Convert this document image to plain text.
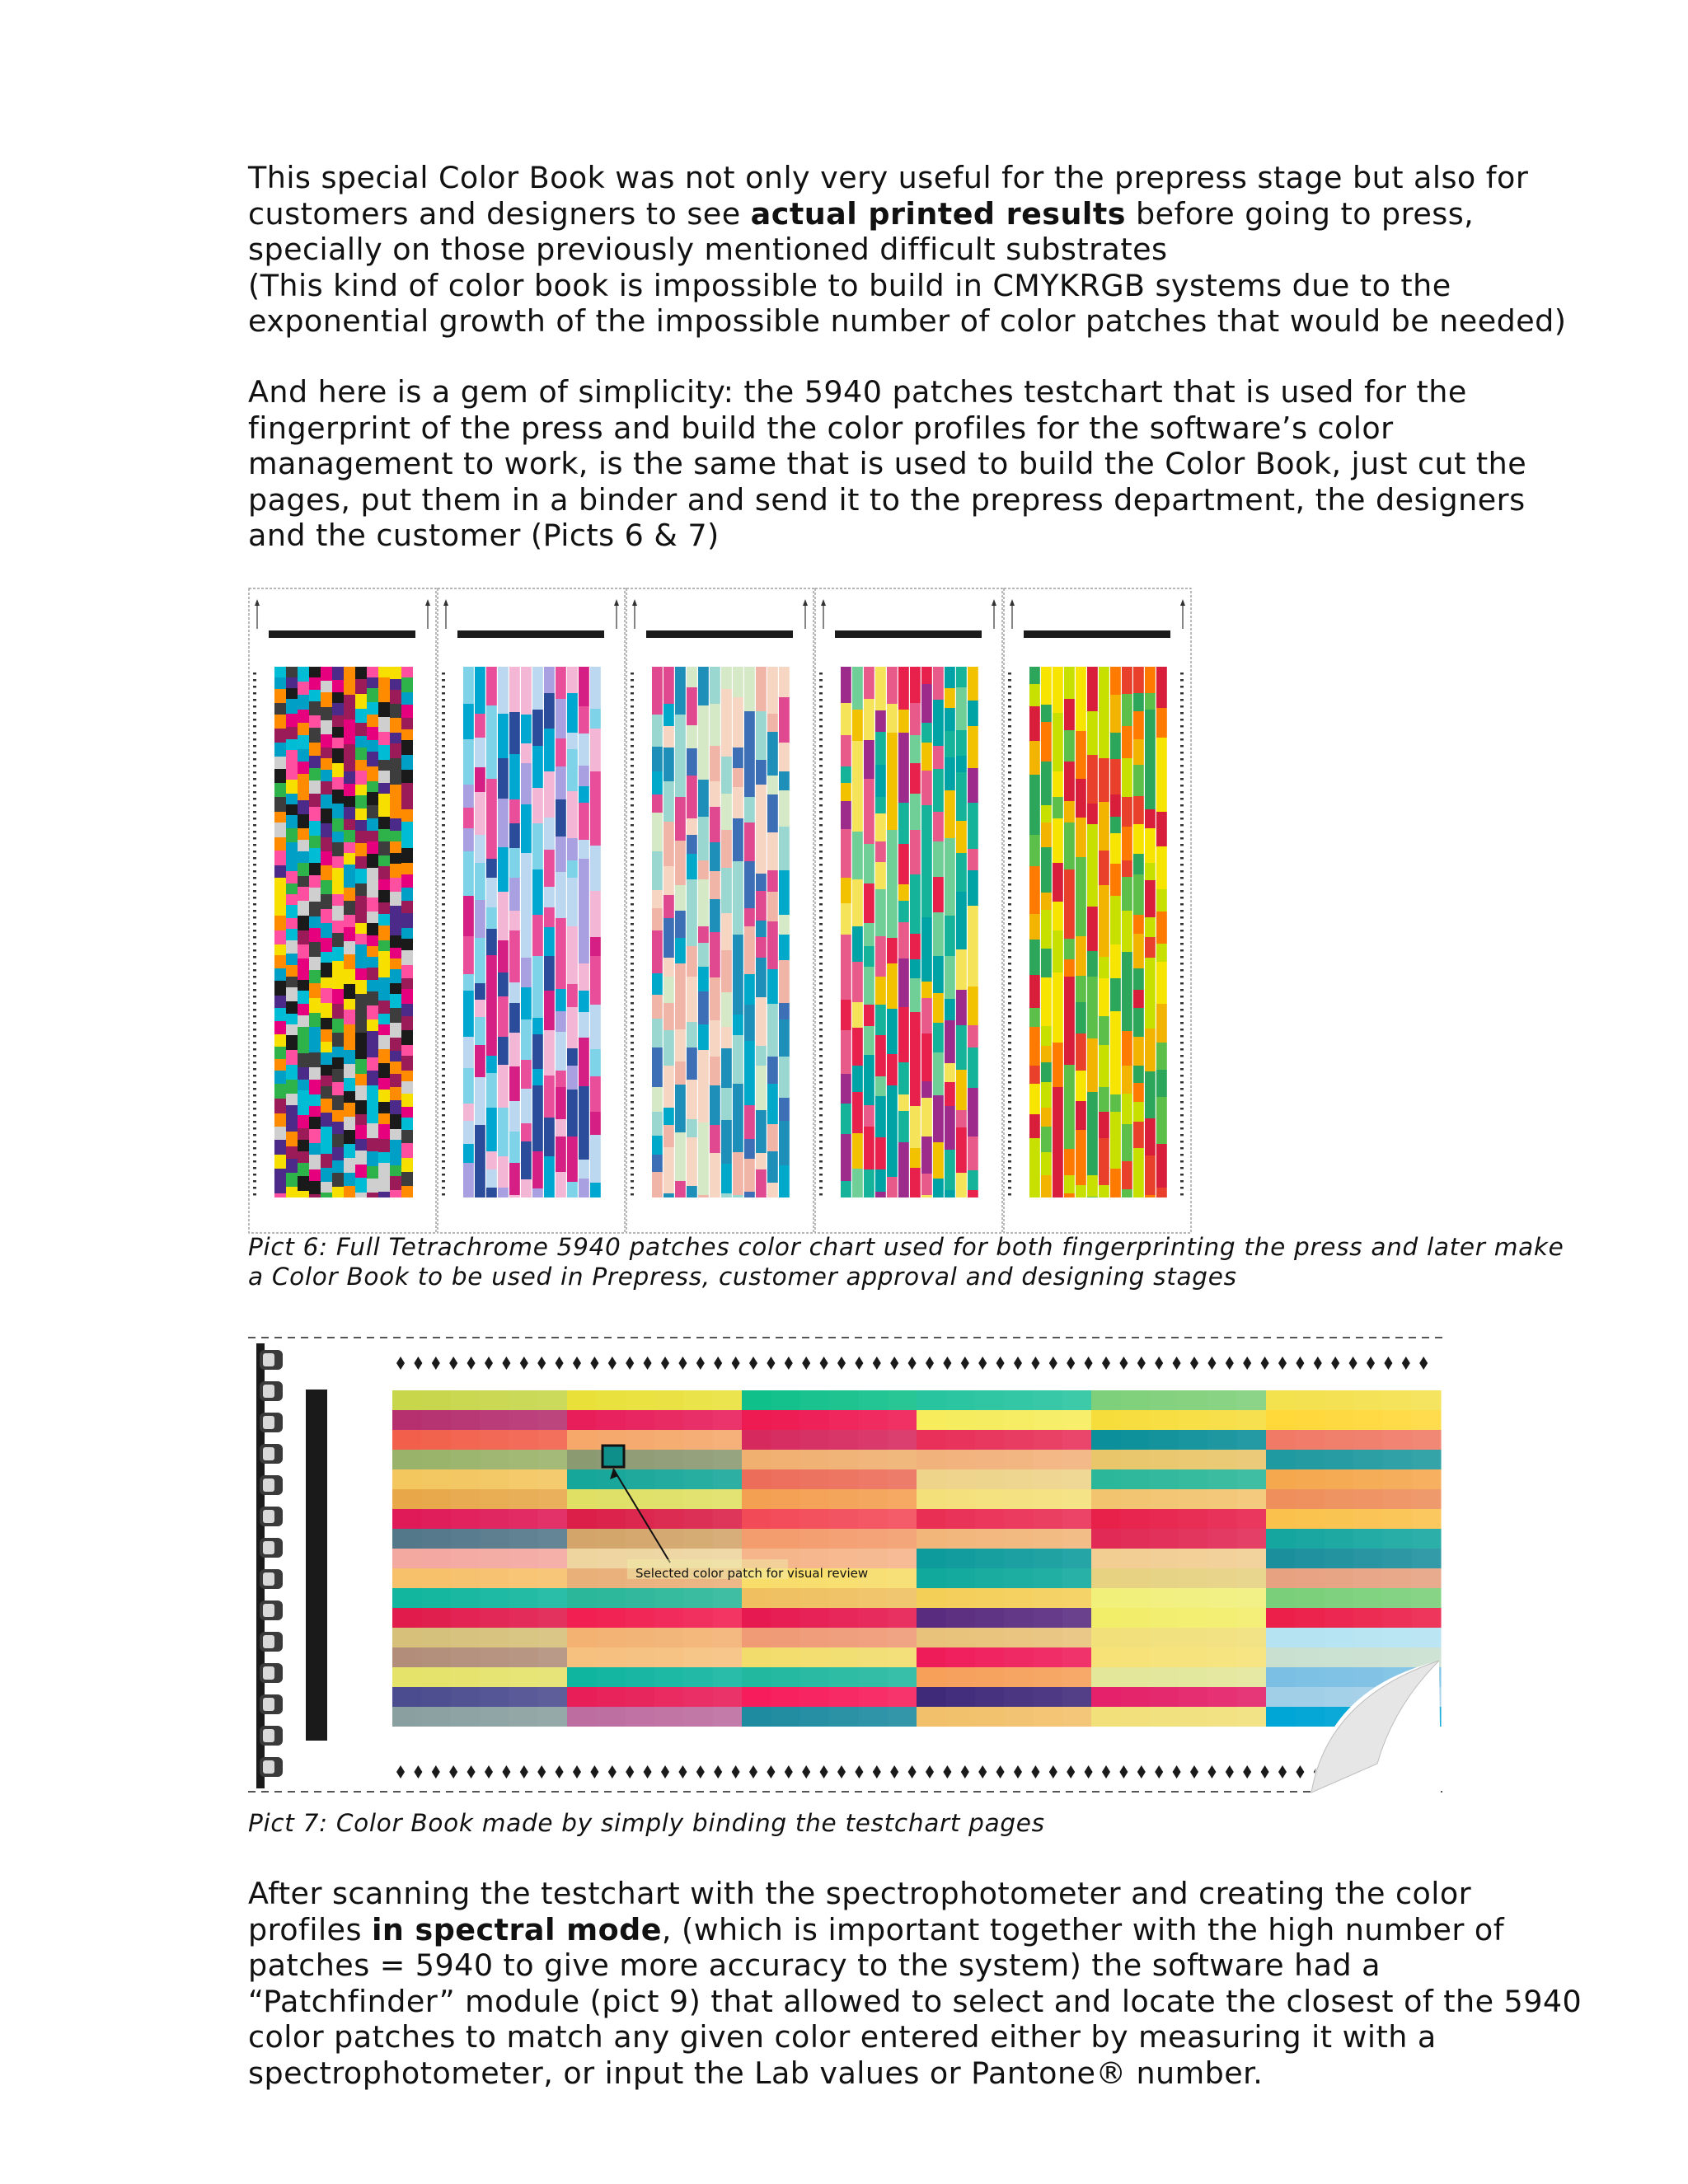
This special Color Book was not only very useful for the prepress stage but also for customers and designers to see actual printed results before going to press, specially on those previously mentioned difficult substrates
(This kind of color book is impossible to build in CMYKRGB systems due to the exponential growth of the impossible number of color patches that would be needed)

And here is a gem of simplicity: the 5940 patches testchart that is used for the fingerprint of the press and build the color profiles for the software’s color management to work, is the same that is used to build the Color Book, just cut the pages, put them in a binder and send it to the prepress department, the designers and the customer (Picts 6 & 7)

Pict 6: Full Tetrachrome 5940 patches color chart used for both fingerprinting the press and later make a Color Book to be used in Prepress, customer approval and designing stages

Selected color patch for visual review

Pict 7: Color Book made by simply binding the testchart pages

After scanning the testchart with the spectrophotometer and creating the color profiles in spectral mode, (which is important together with the high number of patches = 5940 to give more accuracy to the system) the software had a “Patchfinder” module (pict 9) that allowed to select and locate the closest of the 5940 color patches to match any given color entered either by measuring it with a spectrophotometer, or input the Lab values or Pantone® number.
